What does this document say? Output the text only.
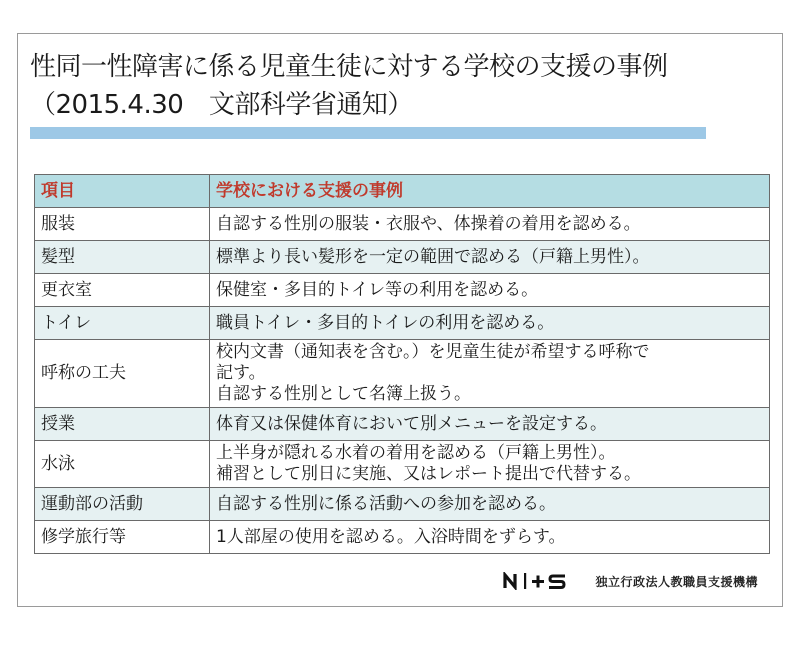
性同一性障害に係る児童生徒に対する学校の支援の事例
（2015.4.30　文部科学省通知）
項目	学校における支援の事例
服装	自認する性別の服装・衣服や、体操着の着用を認める。

髪型	標準より長い髪形を一定の範囲で認める（戸籍上男性）。

更衣室	保健室・多目的トイレ等の利用を認める。

トイレ	職員トイレ・多目的トイレの利用を認める。

呼称の工夫	校内文書（通知表を含む。）を児童生徒が希望する呼称で
記す。
自認する性別として名簿上扱う。

授業	体育又は保健体育において別メニューを設定する。

水泳	上半身が隠れる水着の着用を認める（戸籍上男性）。
補習として別日に実施、又はレポート提出で代替する。

運動部の活動	自認する性別に係る活動への参加を認める。

修学旅行等	1人部屋の使用を認める。入浴時間をずらす。
独立行政法人教職員支援機構
